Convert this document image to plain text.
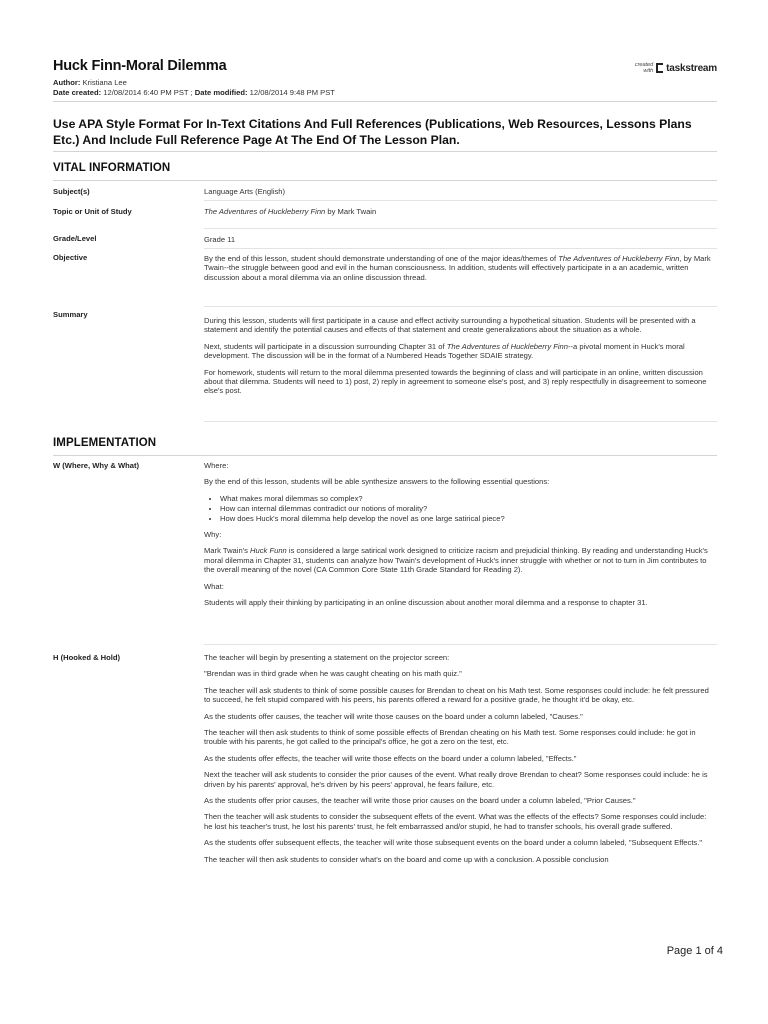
Huck Finn-Moral Dilemma
Author: Kristiana Lee
Date created: 12/08/2014 6:40 PM PST ; Date modified: 12/08/2014 9:48 PM PST
created
with taskstream
Use APA Style Format For In-Text Citations And Full References (Publications, Web Resources, Lessons Plans Etc.) And Include Full Reference Page At The End Of The Lesson Plan.
VITAL INFORMATION
Subject(s)	Language Arts (English)
Topic or Unit of Study	The Adventures of Huckleberry Finn by Mark Twain
Grade/Level	Grade 11
Objective	By the end of this lesson, student should demonstrate understanding of one of the major ideas/themes of The Adventures of Huckleberry Finn, by Mark Twain--the struggle between good and evil in the human consciousness. In addition, students will effectively participate in a an academic, written discussion about a moral dilemma via an online discussion thread.
Summary

During this lesson, students will first participate in a cause and effect activity surrounding a hypothetical situation. Students will be presented with a statement and identify the potential causes and effects of that statement and create generalizations about the situation as a whole.

Next, students will participate in a discussion surrounding Chapter 31 of The Adventures of Huckleberry Finn--a pivotal moment in Huck's moral development. The discussion will be in the format of a Numbered Heads Together SDAIE strategy.

For homework, students will return to the moral dilemma presented towards the beginning of class and will participate in an online, written discussion about that dilemma. Students will need to 1) post, 2) reply in agreement to someone else's post, and 3) reply respectfully in disagreement to someone else's post.

IMPLEMENTATION
W (Where, Why & What)	Where:

By the end of this lesson, students will be able synthesize answers to the following essential questions:

• What makes moral dilemmas so complex?
• How can internal dilemmas contradict our notions of morality?
• How does Huck's moral dilemma help develop the novel as one large satirical piece?

Why:

Mark Twain's Huck Funn is considered a large satirical work designed to criticize racism and prejudicial thinking. By reading and understanding Huck's moral dilemma in Chapter 31, students can analyze how Twain's development of Huck's inner struggle with whether or not to turn in Jim contributes to the overall meaning of the novel (CA Common Core State 11th Grade Standard for Reading 2).

What:

Students will apply their thinking by participating in an online discussion about another moral dilemma and a response to chapter 31.

H (Hooked & Hold)	The teacher will begin by presenting a statement on the projector screen:

"Brendan was in third grade when he was caught cheating on his math quiz."

The teacher will ask students to think of some possible causes for Brendan to cheat on his Math test. Some responses could include: he felt pressured to succeed, he felt stupid compared with his peers, his parents offered a reward for a positive grade, he thought it'd be okay, etc.

As the students offer causes, the teacher will write those causes on the board under a column labeled, "Causes."

The teacher will then ask students to think of some possible effects of Brendan cheating on his Math test. Some responses could include: he got in trouble with his parents, he got called to the principal's office, he got a zero on the test, etc.

As the students offer effects, the teacher will write those effects on the board under a column labeled, "Effects."

Next the teacher will ask students to consider the prior causes of the event. What really drove Brendan to cheat? Some responses could include: he is driven by his parents' approval, he's driven by his peers' approval, he fears failure, etc.

As the students offer prior causes, the teacher will write those prior causes on the board under a column labeled, "Prior Causes."

Then the teacher will ask students to consider the subsequent effets of the event. What was the effects of the effects? Some responses could include: he lost his teacher's trust, he lost his parents' trust, he felt embarrassed and/or stupid, he had to transfer schools, his overall grade suffered.

As the students offer subsequent effects, the teacher will write those subsequent events on the board under a column labeled, "Subsequent Effects."

The teacher will then ask students to consider what's on the board and come up with a conclusion. A possible conclusion

Page 1 of 4
